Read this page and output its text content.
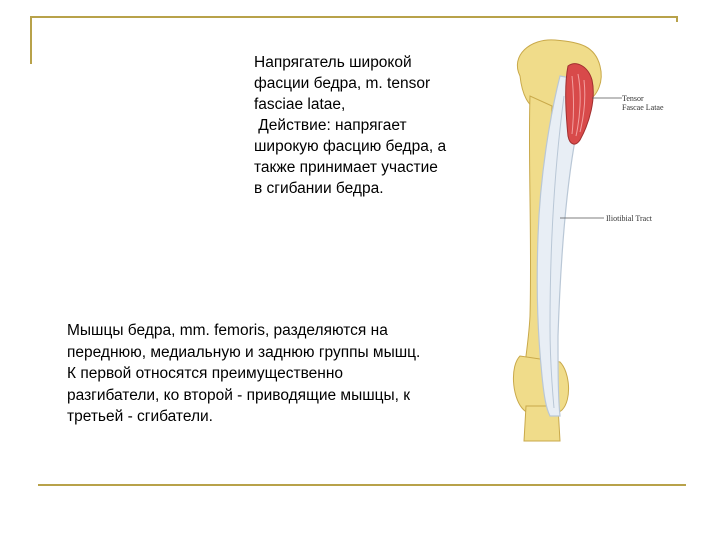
Напрягатель широкой
фасции бедра, m. tensor
fasciae latae,
Действие: напрягает
широкую фасцию бедра, а
также принимает участие
в сгибании бедра.
Мышцы бедра, mm. femoris, разделяются на
переднюю, медиальную и заднюю группы мышц.
К первой относятся преимущественно
разгибатели, ко второй - приводящие мышцы, к
третьей - сгибатели.
Tensor
Fascae Latae
Iliotibial Tract
